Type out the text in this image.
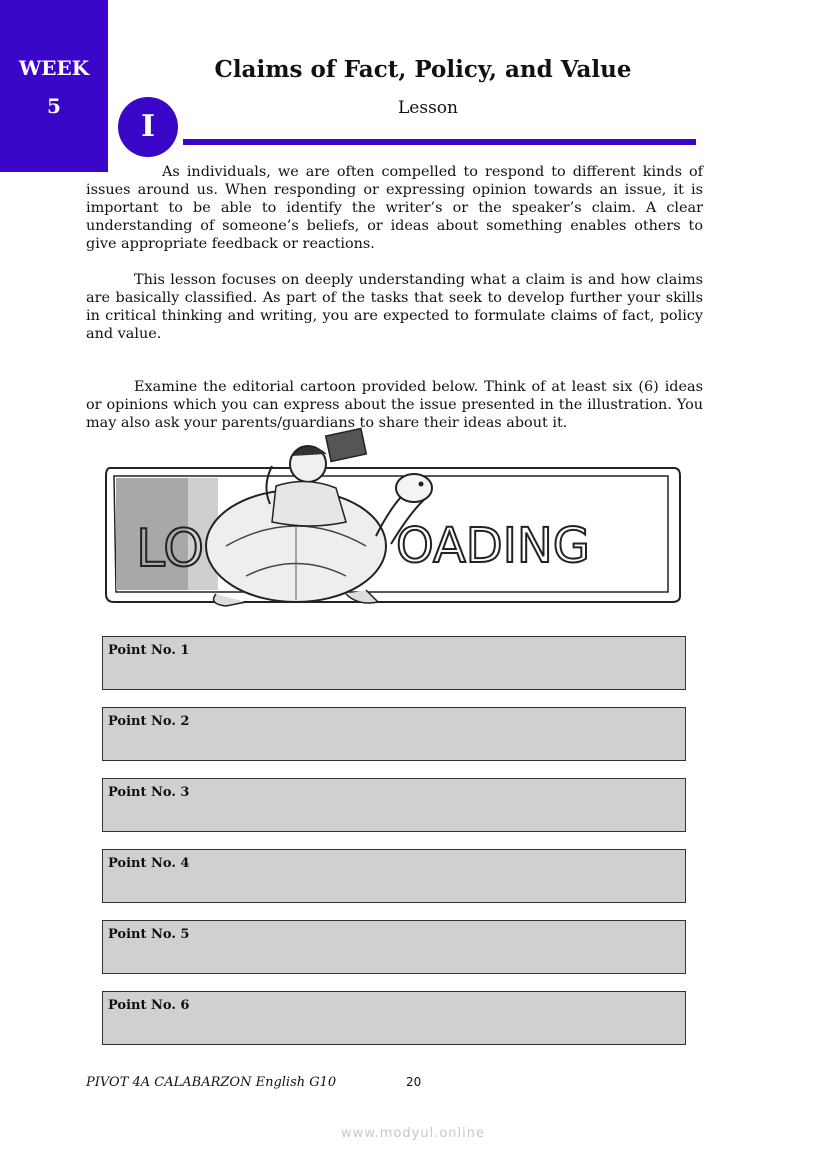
WEEK
5
Claims of Fact, Policy, and Value
Lesson
I

As individuals, we are often compelled to respond to different kinds of issues around us. When responding or expressing opinion towards an issue, it is important to be able to identify the writer’s or the speaker’s claim. A clear understanding of someone’s beliefs, or ideas about something enables others to give appropriate feedback or reactions.

This lesson focuses on deeply understanding what a claim is and how claims are basically classified. As part of the tasks that seek to develop further your skills in critical thinking and writing, you are expected to formulate claims of fact, policy and value.

Examine the editorial cartoon provided below. Think of at least six (6) ideas or opinions which you can express about the issue presented in the illustration. You may also ask your parents/guardians to share their ideas about it.

LO	OADING
Point No. 1
Point No. 2
Point No. 3
Point No. 4
Point No. 5
Point No. 6
PIVOT 4A CALABARZON English G10	20
www.modyul.online
